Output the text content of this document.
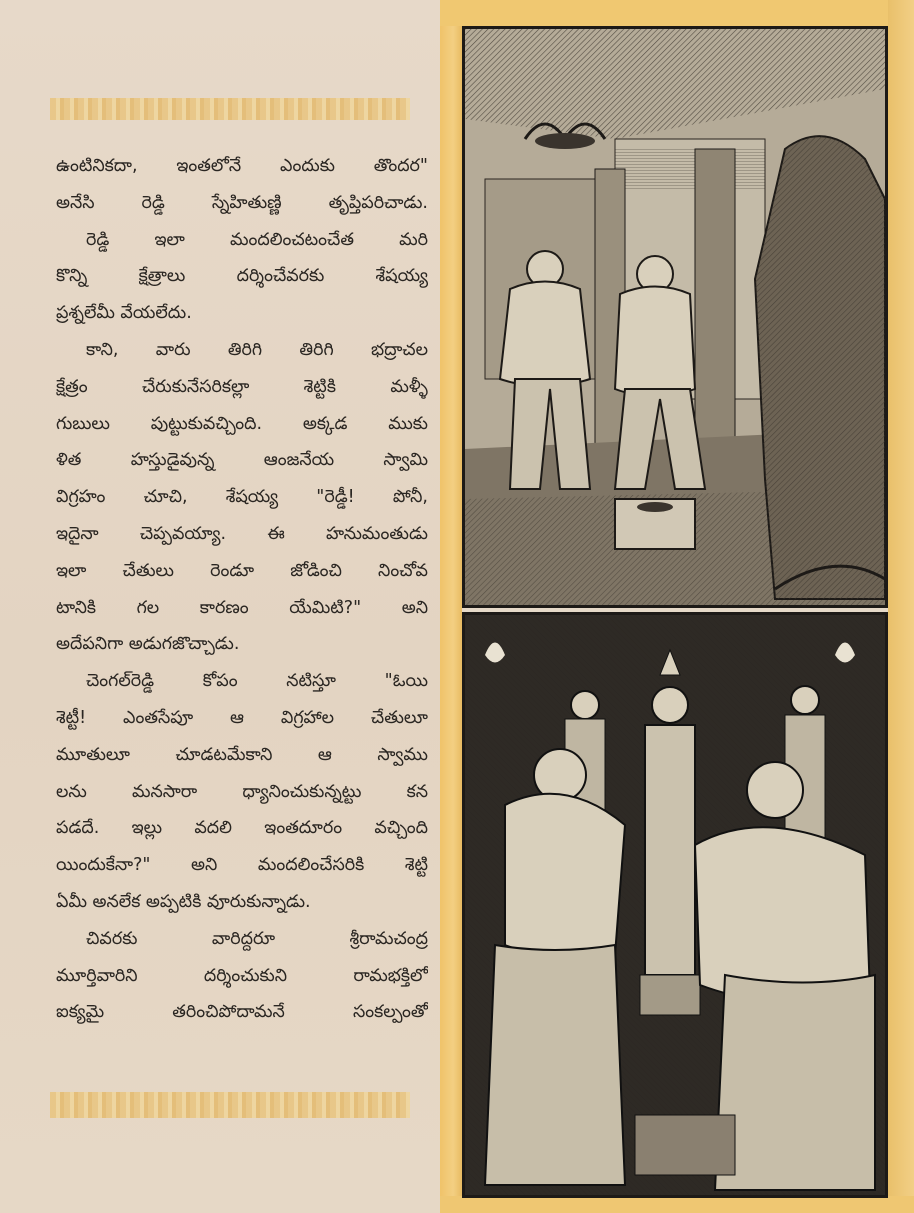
ఉంటినికదా, ఇంతలోనే ఎందుకు తొందర"
అనేసి రెడ్డి స్నేహితుణ్ణి తృప్తిపరిచాడు.
రెడ్డి ఇలా మందలించటంచేత మరి
కొన్ని క్షేత్రాలు దర్శించేవరకు శేషయ్య
ప్రశ్నలేమీ వేయలేదు.
కాని, వారు తిరిగి తిరిగి భద్రాచల
క్షేత్రం చేరుకునేసరికల్లా శెట్టికి మళ్ళీ
గుబులు పుట్టుకువచ్చింది. అక్కడ ముకు
ళిత హస్తుడైవున్న ఆంజనేయ స్వామి
విగ్రహం చూచి, శేషయ్య "రెడ్డీ! పోనీ,
ఇదైనా చెప్పవయ్యా. ఈ హనుమంతుడు
ఇలా చేతులు రెండూ జోడించి నించోవ
టానికి గల కారణం యేమిటి?" అని
అదేపనిగా అడుగజొచ్చాడు.
చెంగల్‌రెడ్డి కోపం నటిస్తూ "ఓయి
శెట్టీ! ఎంతసేపూ ఆ విగ్రహాల చేతులూ
మూతులూ చూడటమేకాని ఆ స్వాము
లను మనసారా ధ్యానించుకున్నట్టు కన
పడదే. ఇల్లు వదలి ఇంతదూరం వచ్చింది
యిందుకేనా?" అని మందలించేసరికి శెట్టి
ఏమీ అనలేక అప్పటికి వూరుకున్నాడు.
చివరకు వారిద్దరూ శ్రీరామచంద్ర
మూర్తివారిని దర్శించుకుని రామభక్తిలో
ఐక్యమై తరించిపోదామనే సంకల్పంతో
